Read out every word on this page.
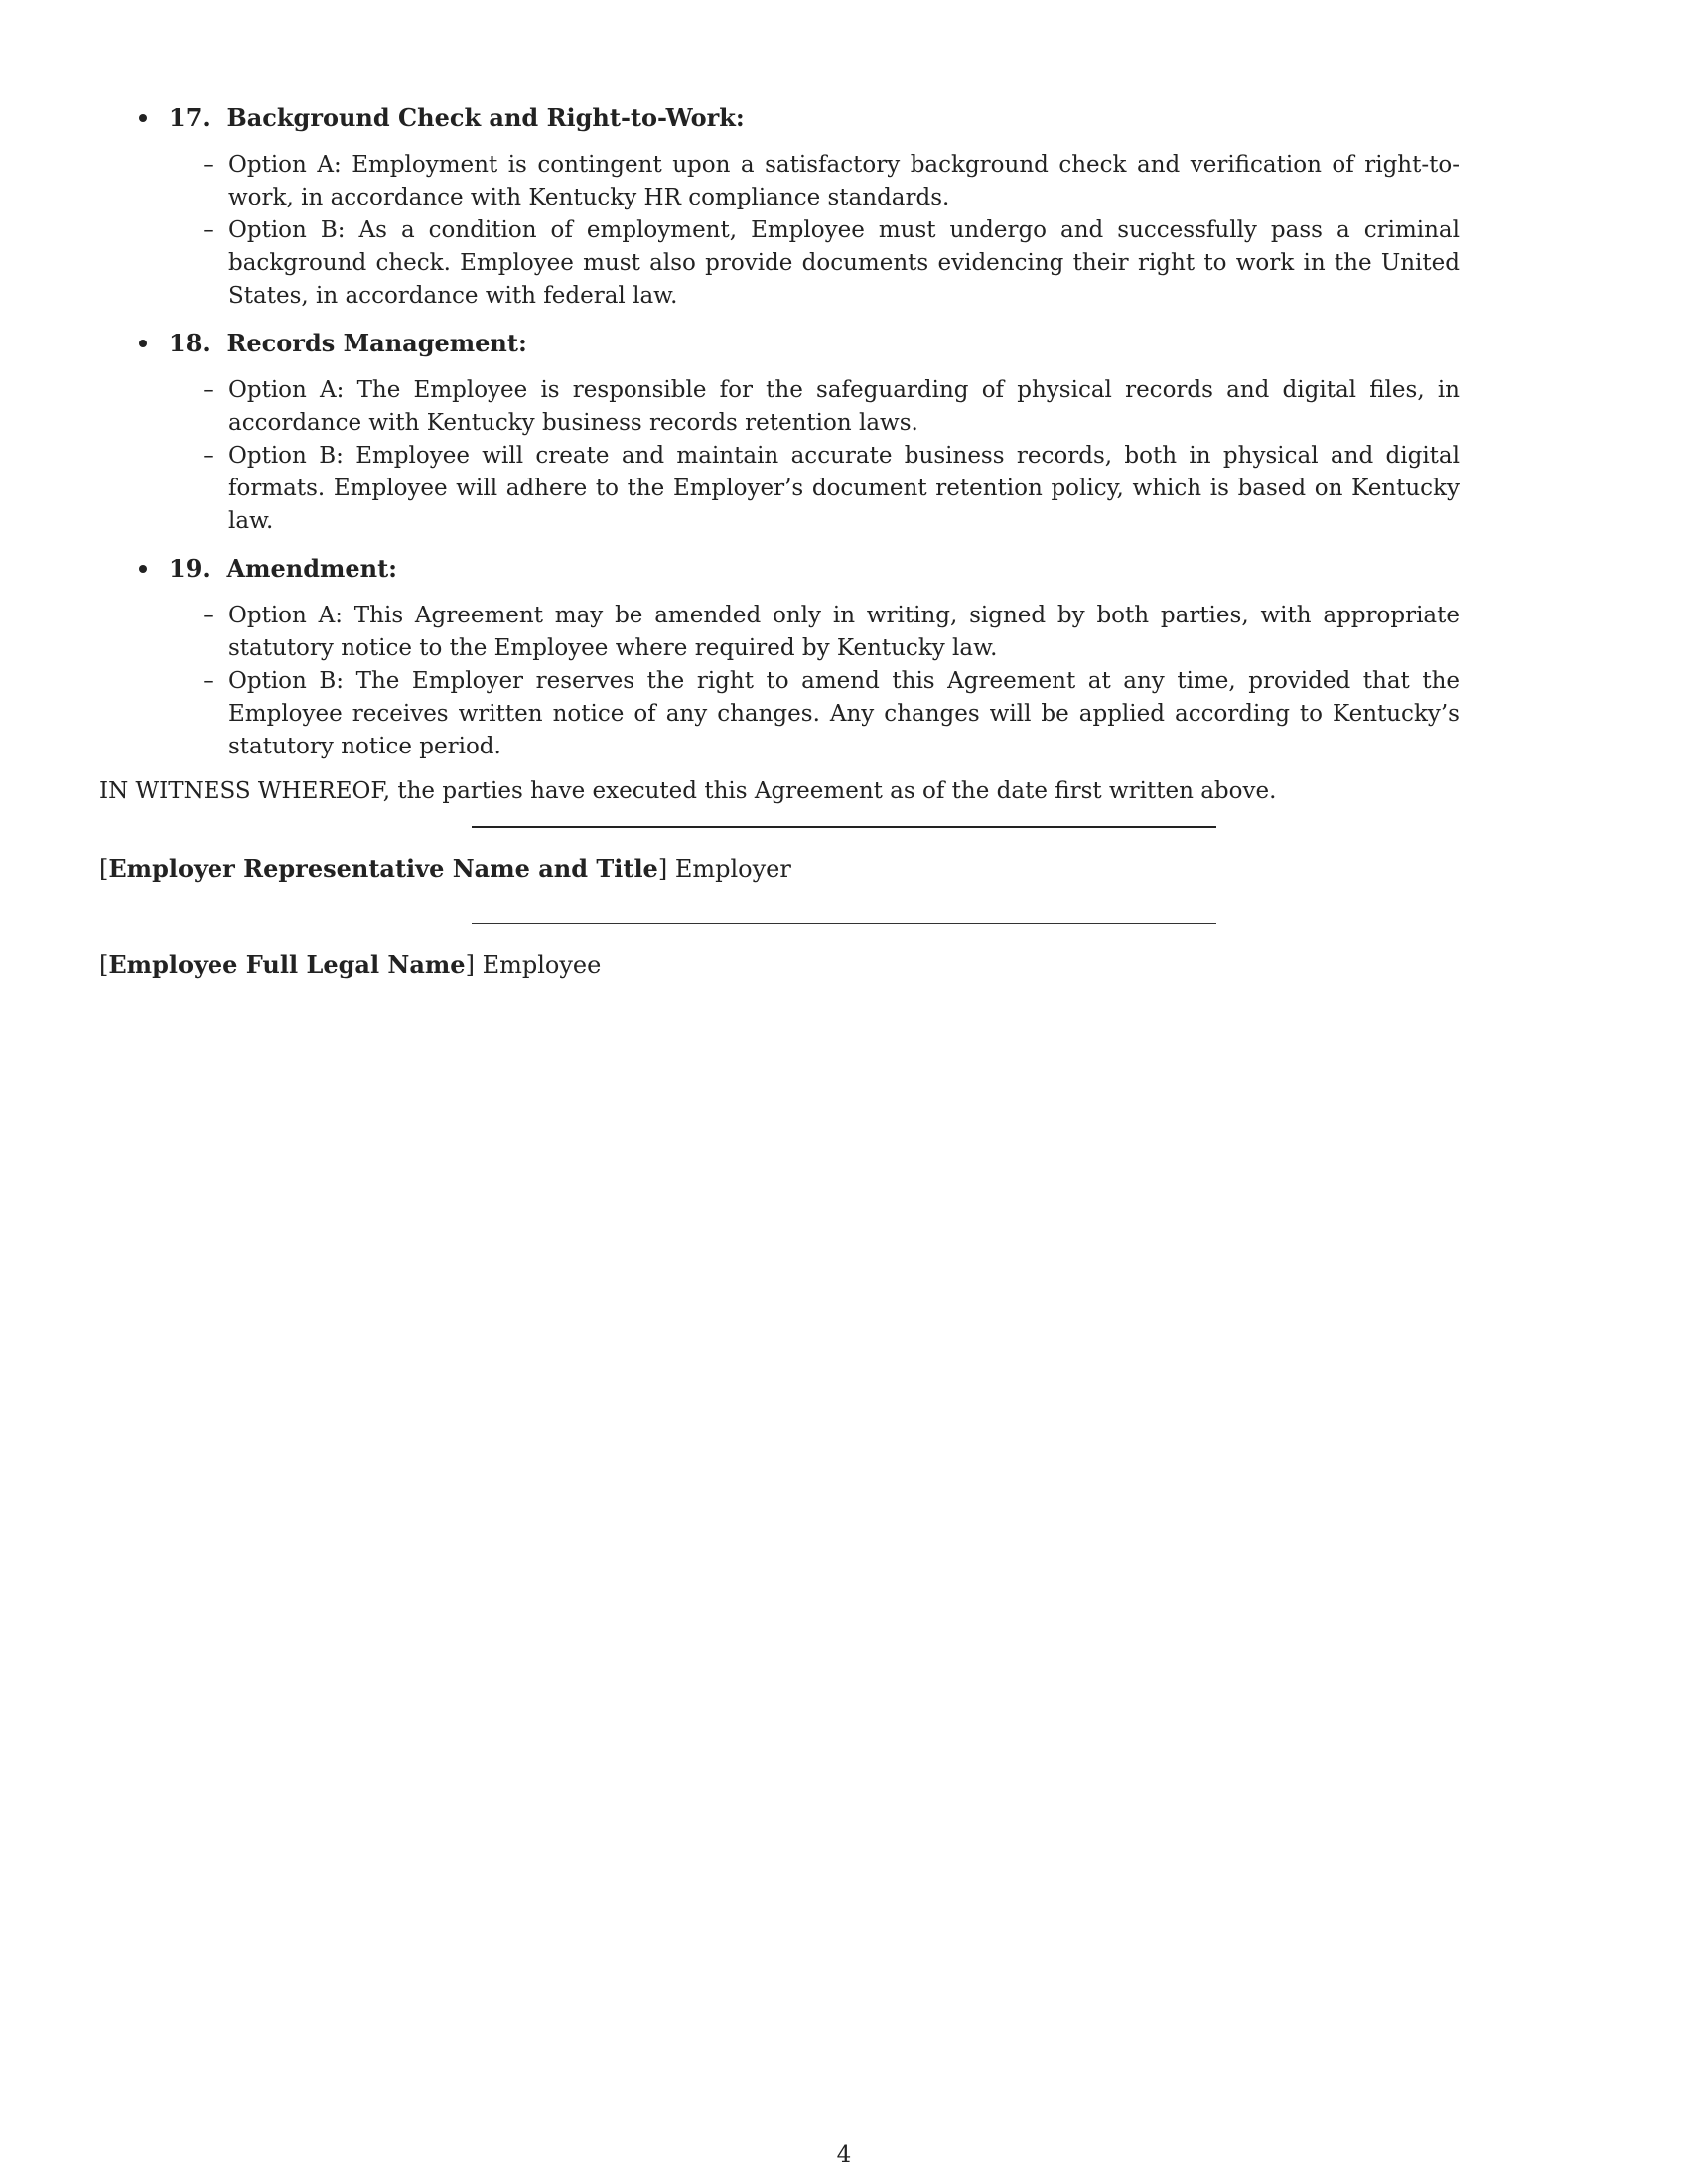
17.  Background Check and Right-to-Work:
– Option A: Employment is contingent upon a satisfactory background check and verification of right-to-work, in accordance with Kentucky HR compliance standards.
– Option B: As a condition of employment, Employee must undergo and successfully pass a criminal background check. Employee must also provide documents evidencing their right to work in the United States, in accordance with federal law.
18.  Records Management:
– Option A: The Employee is responsible for the safeguarding of physical records and digital files, in accordance with Kentucky business records retention laws.
– Option B: Employee will create and maintain accurate business records, both in physical and digital formats. Employee will adhere to the Employer’s document retention policy, which is based on Kentucky law.
19.  Amendment:
– Option A: This Agreement may be amended only in writing, signed by both parties, with appropriate statutory notice to the Employee where required by Kentucky law.
– Option B: The Employer reserves the right to amend this Agreement at any time, provided that the Employee receives written notice of any changes. Any changes will be applied according to Kentucky’s statutory notice period.

IN WITNESS WHEREOF, the parties have executed this Agreement as of the date first written above.

[Employer Representative Name and Title] Employer
[Employee Full Legal Name] Employee
4
